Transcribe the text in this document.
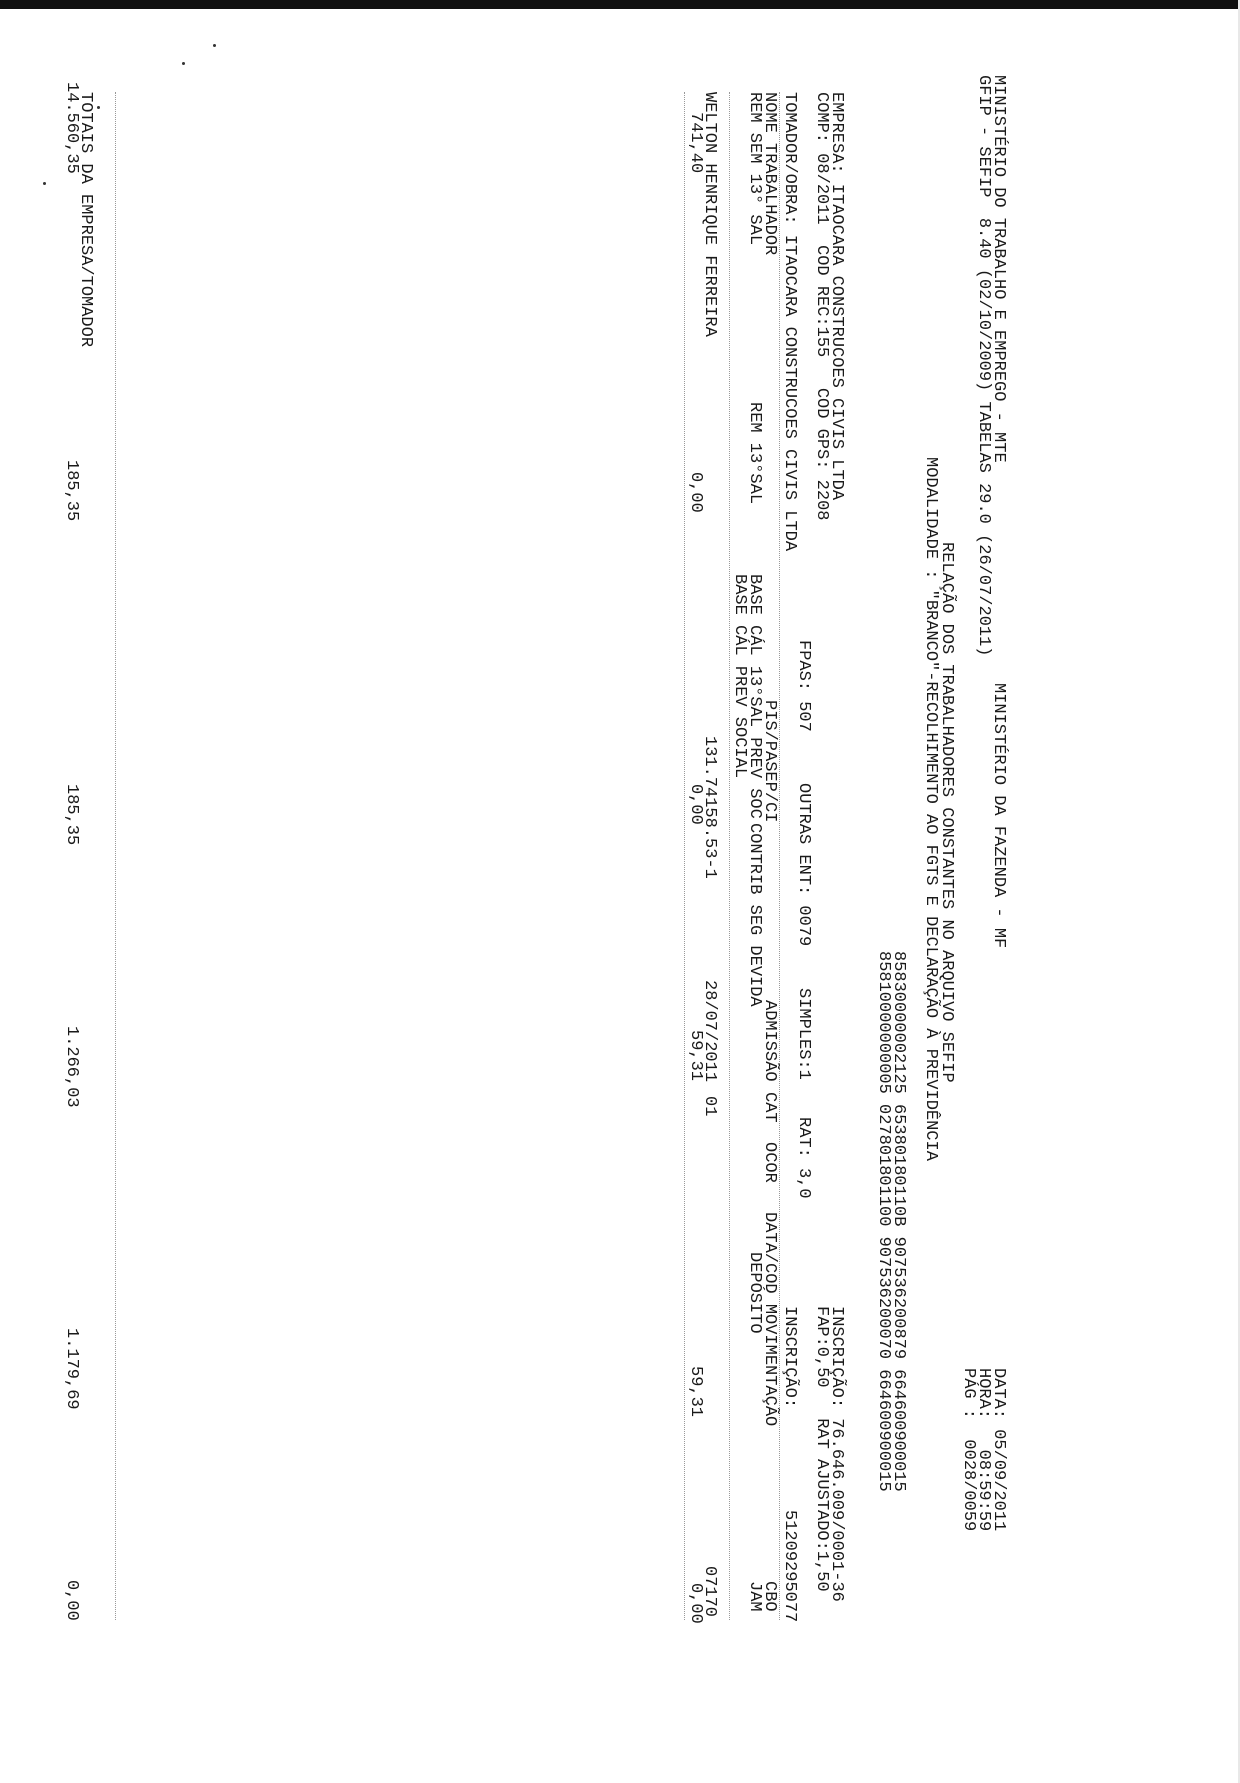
MINISTÉRIO DO TRABALHO E EMPREGO - MTE
GFIP - SEFIP  8.40 (02/10/2009) TABELAS 29.0 (26/07/2011)
MINISTÉRIO DA FAZENDA - MF
DATA: 05/09/2011
HORA:   08:59:59
PÁG :  0028/0059
RELAÇÃO DOS TRABALHADORES CONSTANTES NO ARQUIVO SEFIP
MODALIDADE : "BRANCO"-RECOLHIMENTO AO FGTS E DECLARAÇÃO À PREVIDÊNCIA
85830000002125 65380180110B 907536200879 664600900015
85810000000005 027801801100 907536200070 664600900015
EMPRESA: ITAOCARA CONSTRUCOES CIVIS LTDA
INSCRIÇÃO: 76.646.009/0001-36
COMP: 08/2011  COD REC:155   COD GPS: 2208
FPAS: 507
OUTRAS ENT: 0079
SIMPLES:1
RAT: 3,0
FAP:0,50   RAT AJUSTADO:1,50
TOMADOR/OBRA: ITAOCARA CONSTRUCOES CIVIS LTDA
INSCRIÇÃO:          51209295077
NOME TRABALHADOR
PIS/PASEP/CI
ADMISSÃO
CAT
OCOR
DATA/COD MOVIMENTAÇÃO
CBO
REM SEM 13° SAL
REM 13°SAL
BASE CÁL 13°SAL PREV SOC
CONTRIB SEG DEVIDA
DEPÓSITO
JAM
BASE CÁL PREV SOCIAL
WELTON HENRIQUE FERREIRA
131.74158.53-1
28/07/2011
01
07170
741,40
0,00
0,00
59,31
59,31
0,00
TOTAIS DA EMPRESA/TOMADOR
14.560,35
185,35
185,35
1.266,03
1.179,69
0,00
